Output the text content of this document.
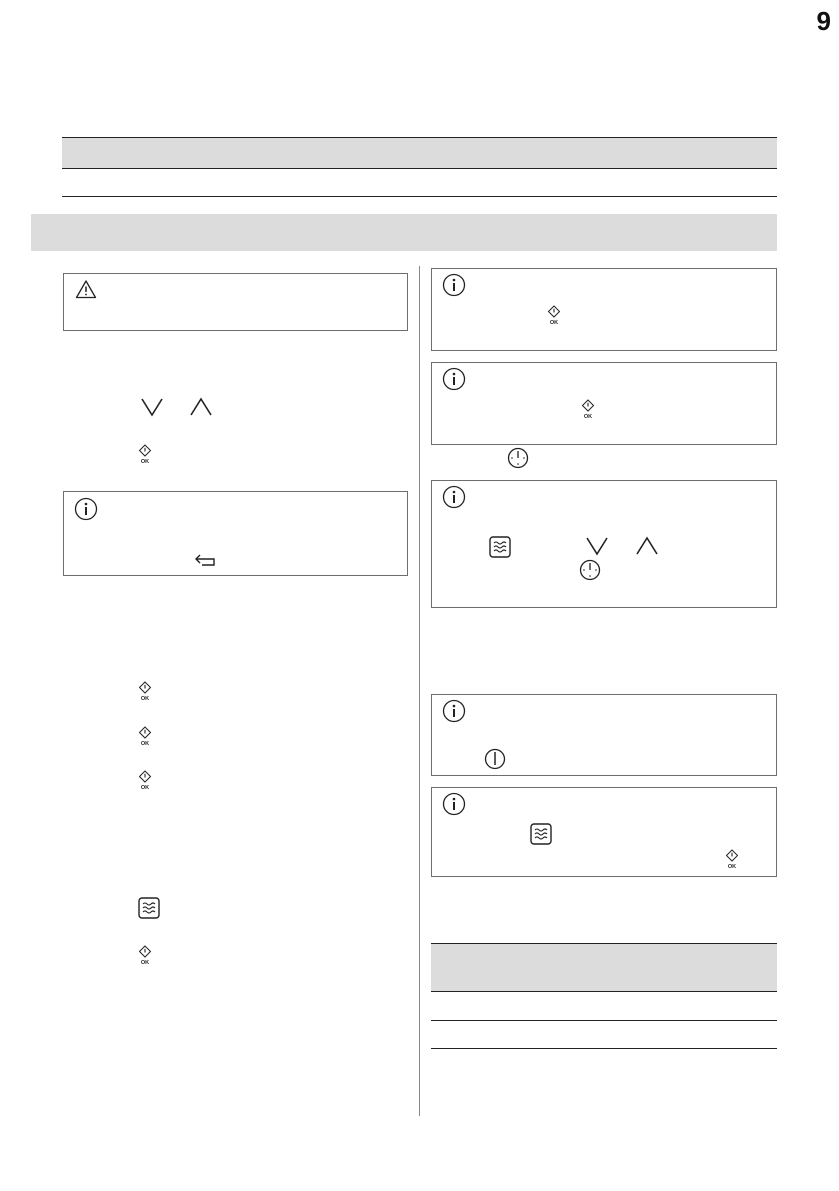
9
OK
OK
OK
OK
OK
OK
OK
OK
